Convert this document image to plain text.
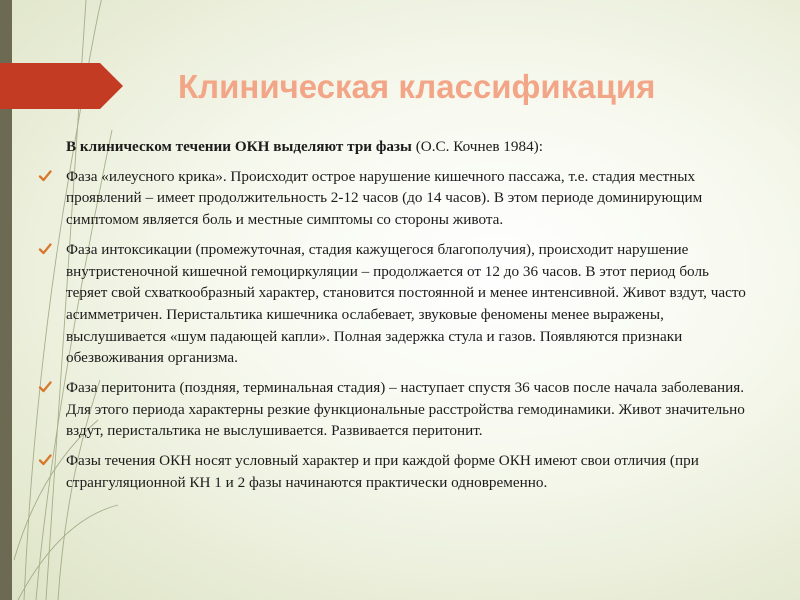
Клиническая классификация
В клиническом течении ОКН выделяют три фазы (О.С. Кочнев 1984):
Фаза «илеусного крика». Происходит острое нарушение кишечного пассажа, т.е. стадия местных проявлений – имеет продолжительность 2-12 часов (до 14 часов). В этом периоде доминирующим симптомом является боль и местные симптомы со стороны живота.
Фаза интоксикации (промежуточная, стадия кажущегося благополучия), происходит нарушение внутристеночной кишечной гемоциркуляции – продолжается от 12 до 36 часов. В этот период боль теряет свой схваткообразный характер, становится постоянной и менее интенсивной. Живот вздут, часто асимметричен. Перистальтика кишечника ослабевает, звуковые феномены менее выражены, выслушивается «шум падающей капли». Полная задержка стула и газов. Появляются признаки обезвоживания организма.
Фаза перитонита (поздняя, терминальная стадия) – наступает спустя 36 часов после начала заболевания. Для этого периода характерны резкие функциональные расстройства гемодинамики. Живот значительно вздут, перистальтика не выслушивается. Развивается перитонит.
Фазы течения ОКН носят условный характер и при каждой форме ОКН имеют свои отличия (при странгуляционной КН 1 и 2 фазы начинаются практически одновременно.
